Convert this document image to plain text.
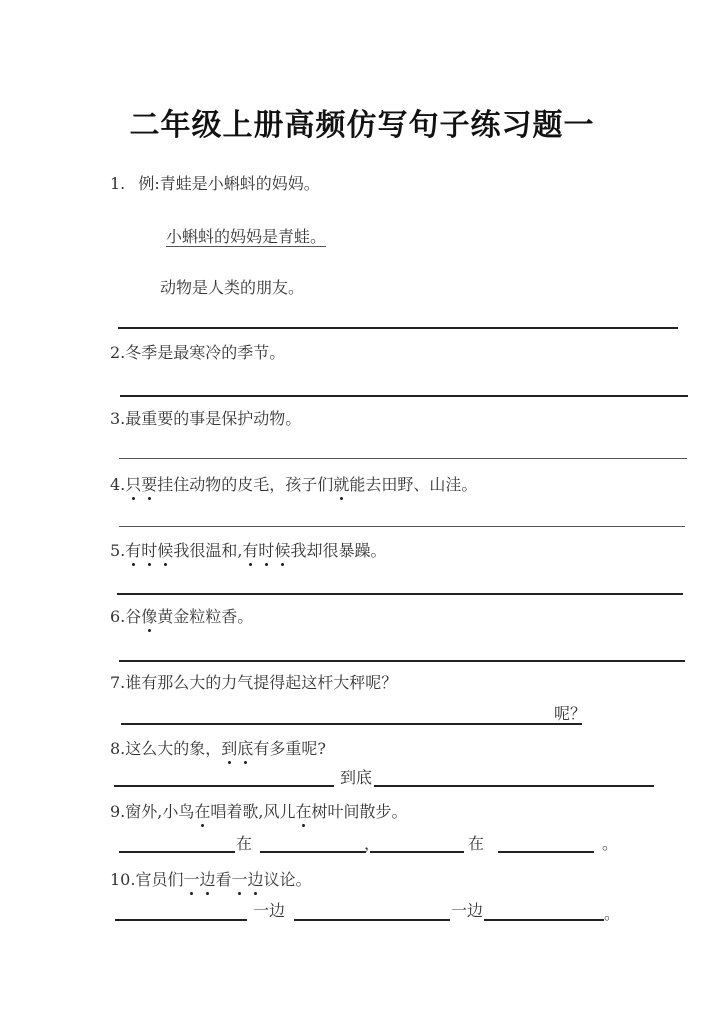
二年级上册高频仿写句子练习题一
1. 例:青蛙是小蝌蚪的妈妈。
小蝌蚪的妈妈是青蛙。
动物是人类的朋友。
2.冬季是最寒冷的季节。
3.最重要的事是保护动物。
4.只要挂住动物的皮毛，孩子们就能去田野、山洼。
5.有时候我很温和,有时候我却很暴躁。
6.谷像黄金粒粒香。
7.谁有那么大的力气提得起这杆大秤呢？
呢？
8.这么大的象，到底有多重呢?
到底
9.窗外,小鸟在唱着歌,风儿在树叶间散步。
在	，	在	。
10.官员们一边看一边议论。
一边	一边	。
